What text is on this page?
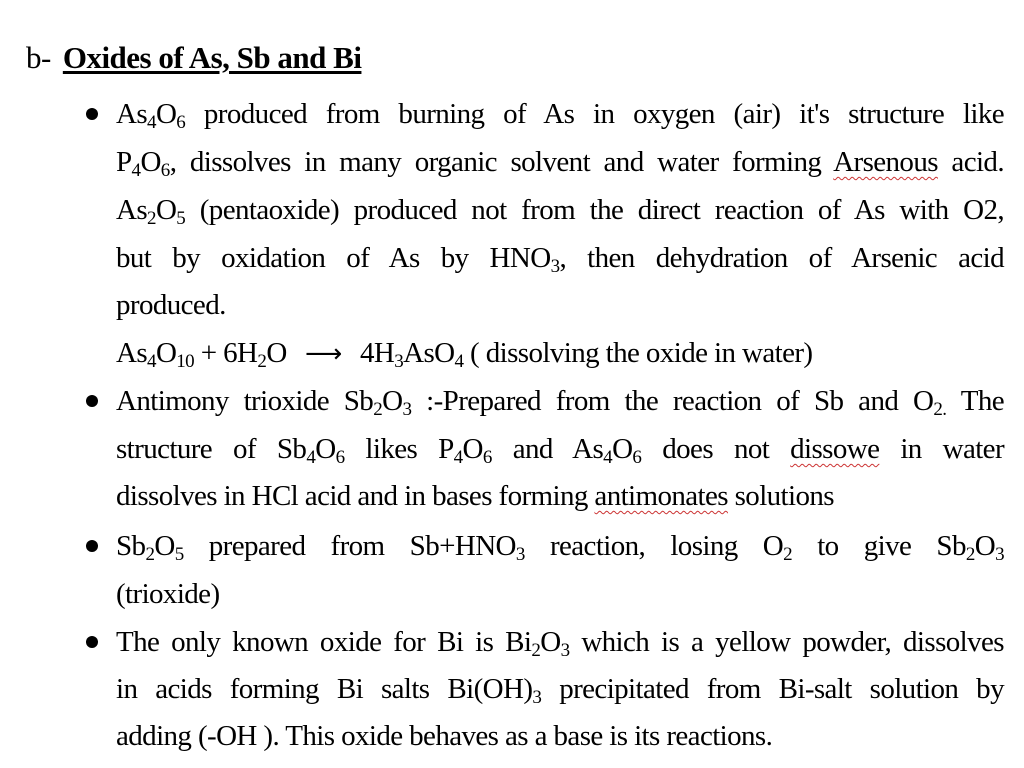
b- Oxides of As, Sb and Bi
$As_4O_6$ produced from burning of As in oxygen (air) it's structure like
$P_4O_6$, dissolves in many organic solvent and water forming Arsenous acid.
$As_2O_5$ (pentaoxide) produced not from the direct reaction of As with O2,
but by oxidation of As by $HNO_3$, then dehydration of Arsenic acid
produced.
$As_4O_{10} + 6H_2O$ ⟶ $4H_3AsO_4$ ( dissolving the oxide in water)
Antimony trioxide $Sb_2O_3$ :-Prepared from the reaction of Sb and $O_{2.}$ The
structure of $Sb_4O_6$ likes $P_4O_6$ and $As_4O_6$ does not dissowe in water
dissolves in HCl acid and in bases forming antimonates solutions
$Sb_2O_5$ prepared from $Sb+HNO_3$ reaction, losing $O_2$ to give $Sb_2O_3$
(trioxide)
The only known oxide for Bi is $Bi_2O_3$ which is a yellow powder, dissolves
in acids forming Bi salts $Bi(OH)_3$ precipitated from Bi-salt solution by
adding (-OH ). This oxide behaves as a base is its reactions.
